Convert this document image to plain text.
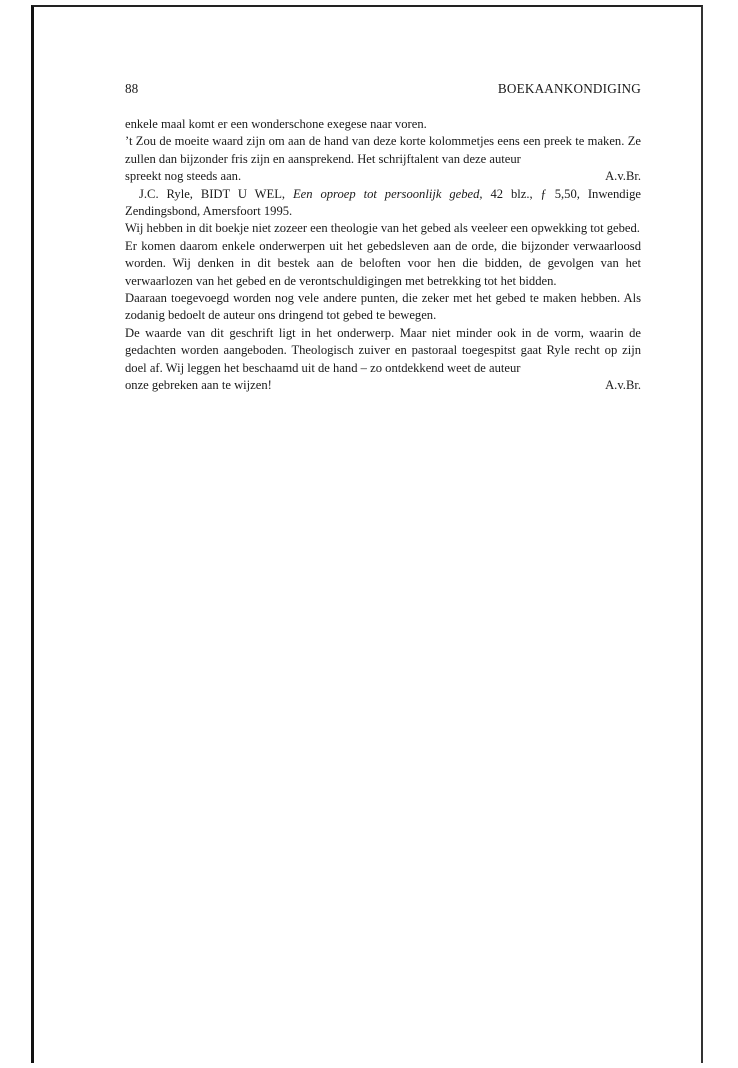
88	BOEKAANKONDIGING

enkele maal komt er een wonderschone exegese naar voren.

’t Zou de moeite waard zijn om aan de hand van deze korte kolommetjes eens een preek te maken. Ze zullen dan bijzonder fris zijn en aansprekend. Het schrijftalent van deze auteur

spreekt nog steeds aan.	A.v.Br.

J.C. Ryle, BIDT U WEL, Een oproep tot persoonlijk gebed, 42 blz., ƒ 5,50, Inwendige Zendingsbond, Amersfoort 1995.

Wij hebben in dit boekje niet zozeer een theologie van het gebed als veeleer een opwekking tot gebed.

Er komen daarom enkele onderwerpen uit het gebedsleven aan de orde, die bijzonder verwaarloosd worden. Wij denken in dit bestek aan de beloften voor hen die bidden, de gevolgen van het verwaarlozen van het gebed en de verontschuldigingen met betrekking tot het bidden.

Daaraan toegevoegd worden nog vele andere punten, die zeker met het gebed te maken hebben. Als zodanig bedoelt de auteur ons dringend tot gebed te bewegen.

De waarde van dit geschrift ligt in het onderwerp. Maar niet minder ook in de vorm, waarin de gedachten worden aangeboden. Theologisch zuiver en pastoraal toegespitst gaat Ryle recht op zijn doel af. Wij leggen het beschaamd uit de hand – zo ontdekkend weet de auteur

onze gebreken aan te wijzen!	A.v.Br.
